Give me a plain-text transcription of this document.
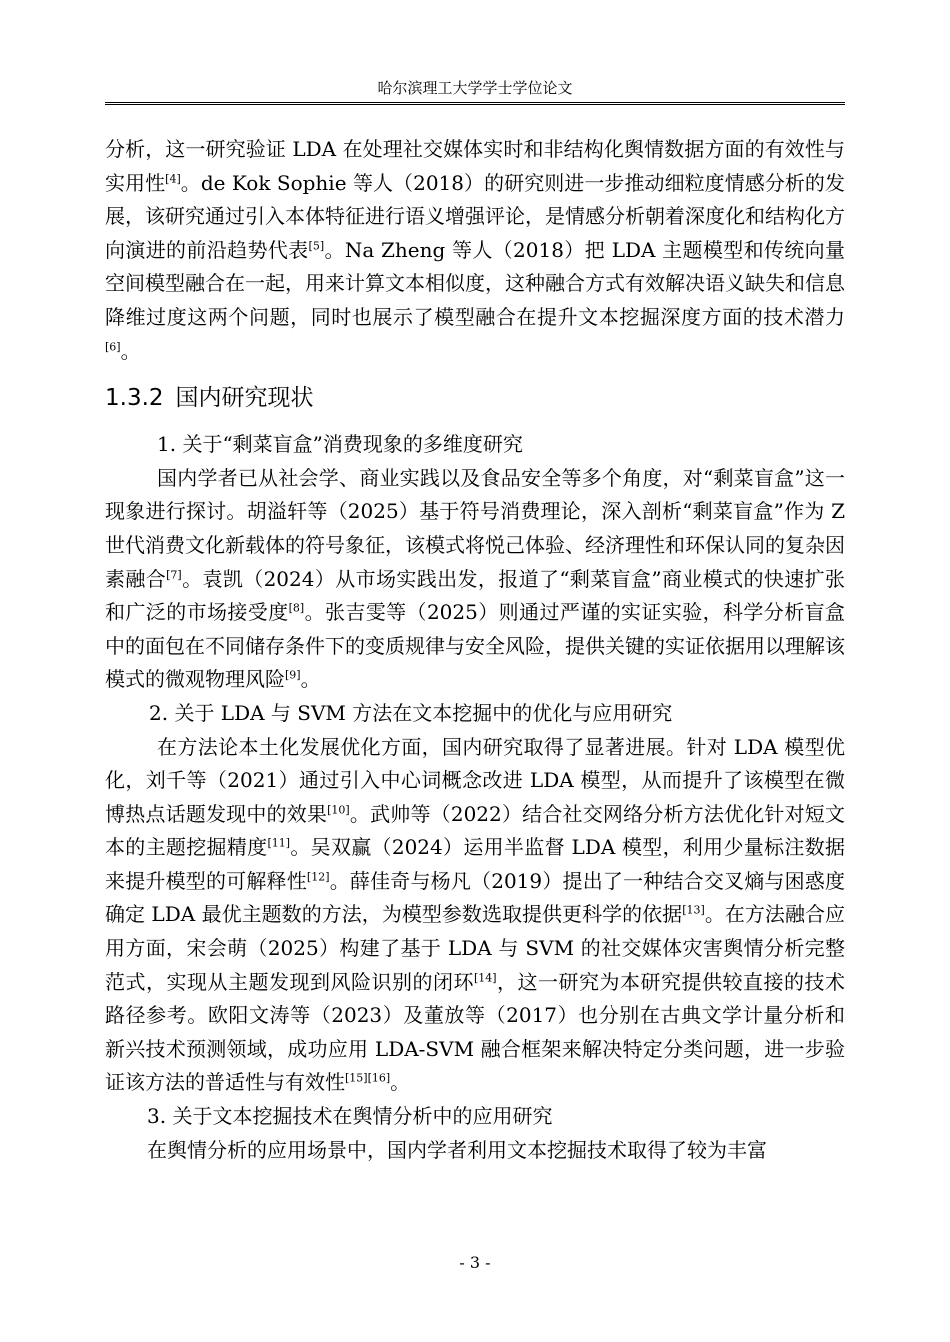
哈尔滨理工大学学士学位论文

分析，这一研究验证 LDA 在处理社交媒体实时和非结构化舆情数据方面的有效性与实用性[4]。de Kok Sophie 等人（2018）的研究则进一步推动细粒度情感分析的发展，该研究通过引入本体特征进行语义增强评论，是情感分析朝着深度化和结构化方向演进的前沿趋势代表[5]。Na Zheng 等人（2018）把 LDA 主题模型和传统向量空间模型融合在一起，用来计算文本相似度，这种融合方式有效解决语义缺失和信息降维过度这两个问题，同时也展示了模型融合在提升文本挖掘深度方面的技术潜力[6]。

1.3.2 国内研究现状

1. 关于“剩菜盲盒”消费现象的多维度研究

国内学者已从社会学、商业实践以及食品安全等多个角度，对“剩菜盲盒”这一现象进行探讨。胡溢轩等（2025）基于符号消费理论，深入剖析“剩菜盲盒”作为 Z 世代消费文化新载体的符号象征，该模式将悦己体验、经济理性和环保认同的复杂因素融合[7]。袁凯（2024）从市场实践出发，报道了“剩菜盲盒”商业模式的快速扩张和广泛的市场接受度[8]。张吉雯等（2025）则通过严谨的实证实验，科学分析盲盒中的面包在不同储存条件下的变质规律与安全风险，提供关键的实证依据用以理解该模式的微观物理风险[9]。

2. 关于 LDA 与 SVM 方法在文本挖掘中的优化与应用研究

在方法论本土化发展优化方面，国内研究取得了显著进展。针对 LDA 模型优化，刘千等（2021）通过引入中心词概念改进 LDA 模型，从而提升了该模型在微博热点话题发现中的效果[10]。武帅等（2022）结合社交网络分析方法优化针对短文本的主题挖掘精度[11]。吴双赢（2024）运用半监督 LDA 模型，利用少量标注数据来提升模型的可解释性[12]。薛佳奇与杨凡（2019）提出了一种结合交叉熵与困惑度确定 LDA 最优主题数的方法，为模型参数选取提供更科学的依据[13]。在方法融合应用方面，宋会萌（2025）构建了基于 LDA 与 SVM 的社交媒体灾害舆情分析完整范式，实现从主题发现到风险识别的闭环[14]，这一研究为本研究提供较直接的技术路径参考。欧阳文涛等（2023）及董放等（2017）也分别在古典文学计量分析和新兴技术预测领域，成功应用 LDA-SVM 融合框架来解决特定分类问题，进一步验证该方法的普适性与有效性[15][16]。

3. 关于文本挖掘技术在舆情分析中的应用研究

在舆情分析的应用场景中，国内学者利用文本挖掘技术取得了较为丰富

- 3 -
